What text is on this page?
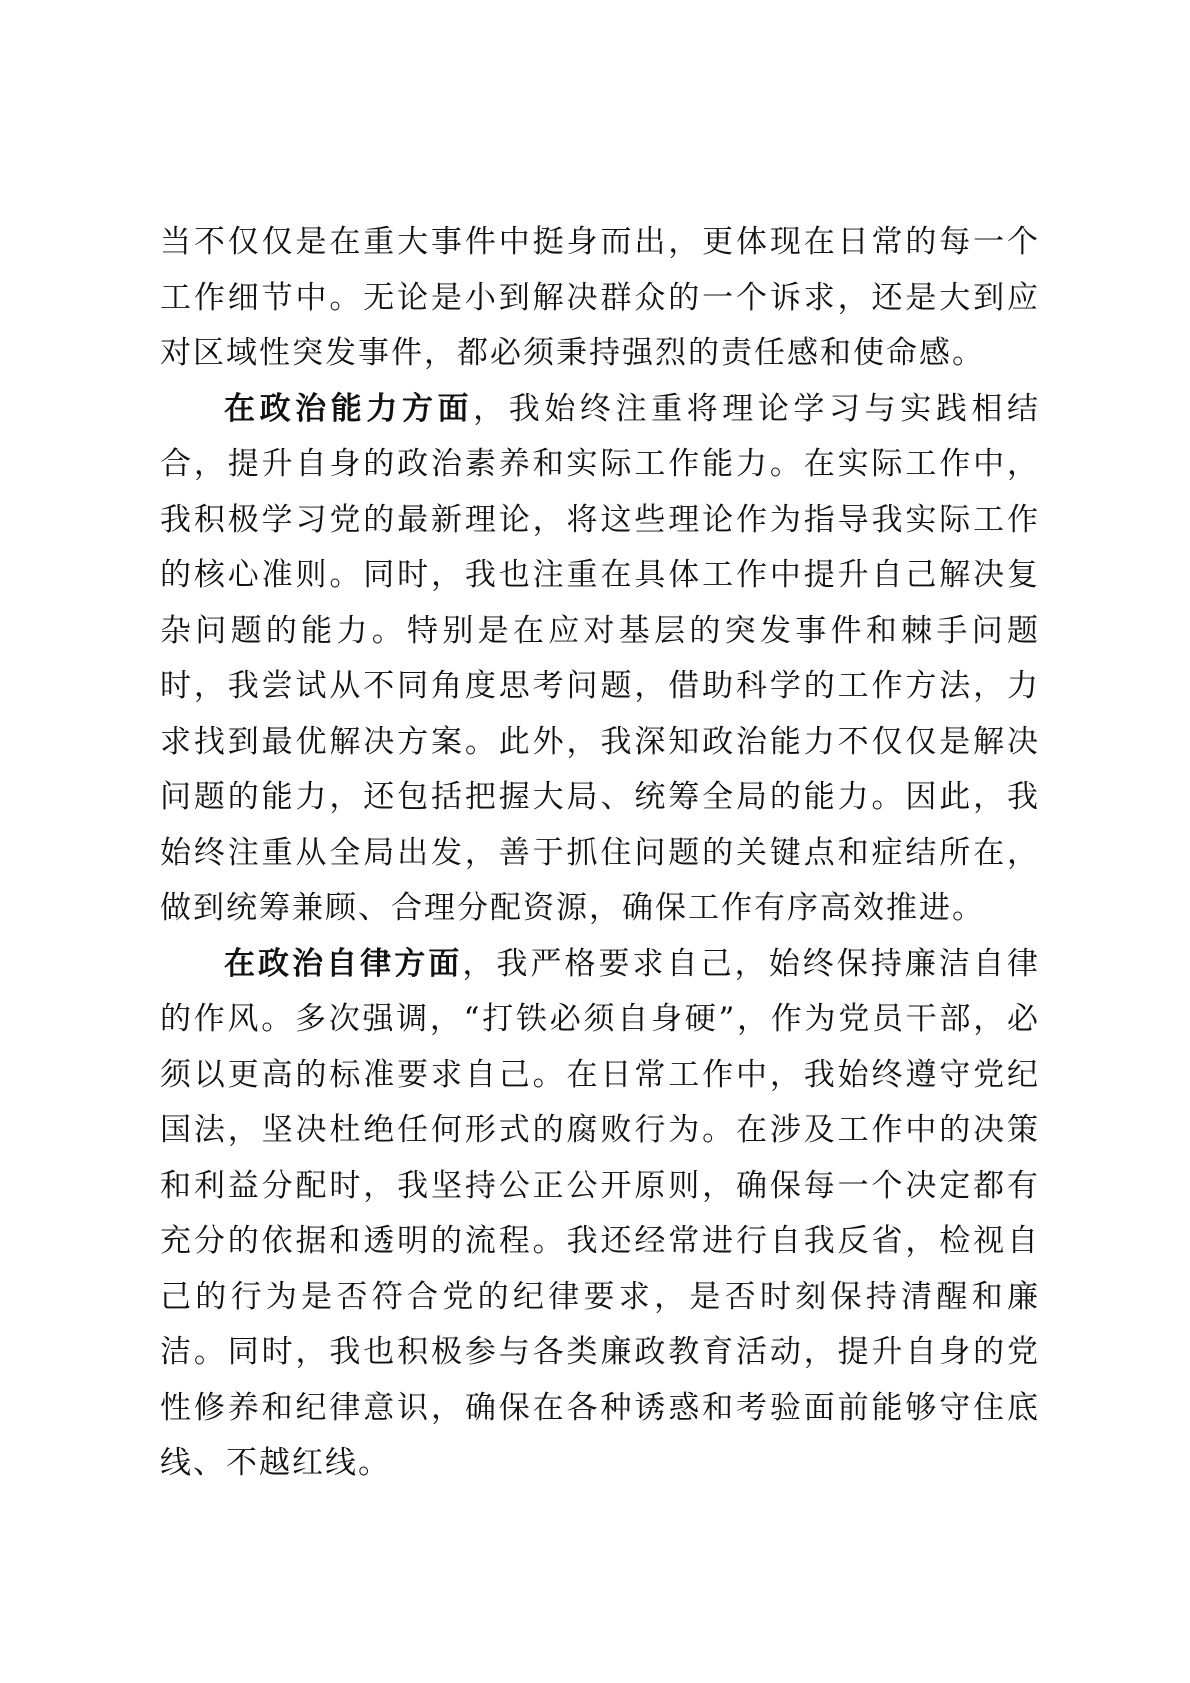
当不仅仅是在重大事件中挺身而出，更体现在日常的每一个工作细节中。无论是小到解决群众的一个诉求，还是大到应对区域性突发事件，都必须秉持强烈的责任感和使命感。

在政治能力方面，我始终注重将理论学习与实践相结合，提升自身的政治素养和实际工作能力。在实际工作中，我积极学习党的最新理论，将这些理论作为指导我实际工作的核心准则。同时，我也注重在具体工作中提升自己解决复杂问题的能力。特别是在应对基层的突发事件和棘手问题时，我尝试从不同角度思考问题，借助科学的工作方法，力求找到最优解决方案。此外，我深知政治能力不仅仅是解决问题的能力，还包括把握大局、统筹全局的能力。因此，我始终注重从全局出发，善于抓住问题的关键点和症结所在，做到统筹兼顾、合理分配资源，确保工作有序高效推进。

在政治自律方面，我严格要求自己，始终保持廉洁自律的作风。多次强调，“打铁必须自身硬”，作为党员干部，必须以更高的标准要求自己。在日常工作中，我始终遵守党纪国法，坚决杜绝任何形式的腐败行为。在涉及工作中的决策和利益分配时，我坚持公正公开原则，确保每一个决定都有充分的依据和透明的流程。我还经常进行自我反省，检视自己的行为是否符合党的纪律要求，是否时刻保持清醒和廉洁。同时，我也积极参与各类廉政教育活动，提升自身的党性修养和纪律意识，确保在各种诱惑和考验面前能够守住底线、不越红线。
